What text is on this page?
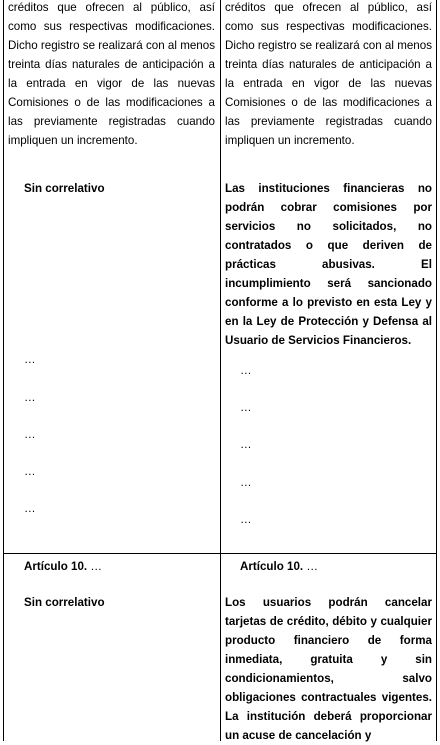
créditos que ofrecen al público, así como sus respectivas modificaciones. Dicho registro se realizará con al menos treinta días naturales de anticipación a la entrada en vigor de las nuevas Comisiones o de las modificaciones a las previamente registradas cuando impliquen un incremento.
Sin correlativo
…
…
…
…
…
créditos que ofrecen al público, así como sus respectivas modificaciones. Dicho registro se realizará con al menos treinta días naturales de anticipación a la entrada en vigor de las nuevas Comisiones o de las modificaciones a las previamente registradas cuando impliquen un incremento.
Las instituciones financieras no podrán cobrar comisiones por servicios no solicitados, no contratados o que deriven de prácticas abusivas. El incumplimiento será sancionado conforme a lo previsto en esta Ley y en la Ley de Protección y Defensa al Usuario de Servicios Financieros.
…
…
…
…
…
Artículo 10. …
Sin correlativo
Artículo 10. …
Los usuarios podrán cancelar tarjetas de crédito, débito y cualquier producto financiero de forma inmediata, gratuita y sin condicionamientos, salvo obligaciones contractuales vigentes. La institución deberá proporcionar un acuse de cancelación y
